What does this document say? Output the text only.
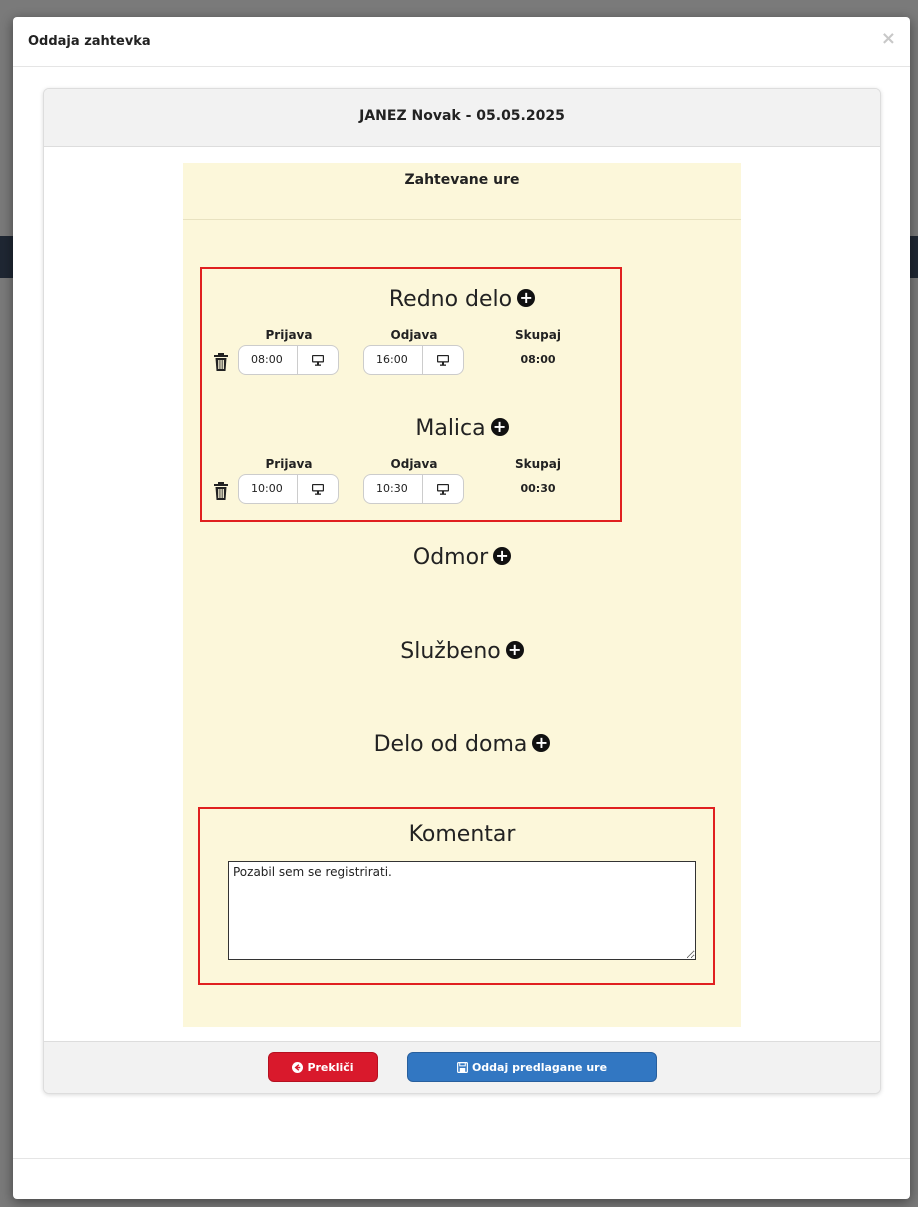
Oddaja zahtevka	×
JANEZ Novak - 05.05.2025
Zahtevane ure
Redno delo +
Prijava	Odjava	Skupaj
08:00	16:00	08:00
Malica +
Prijava	Odjava	Skupaj
10:00	10:30	00:30
Odmor +
Službeno +
Delo od doma +
Komentar
Pozabil sem se registrirati.
Prekliči	Oddaj predlagane ure
